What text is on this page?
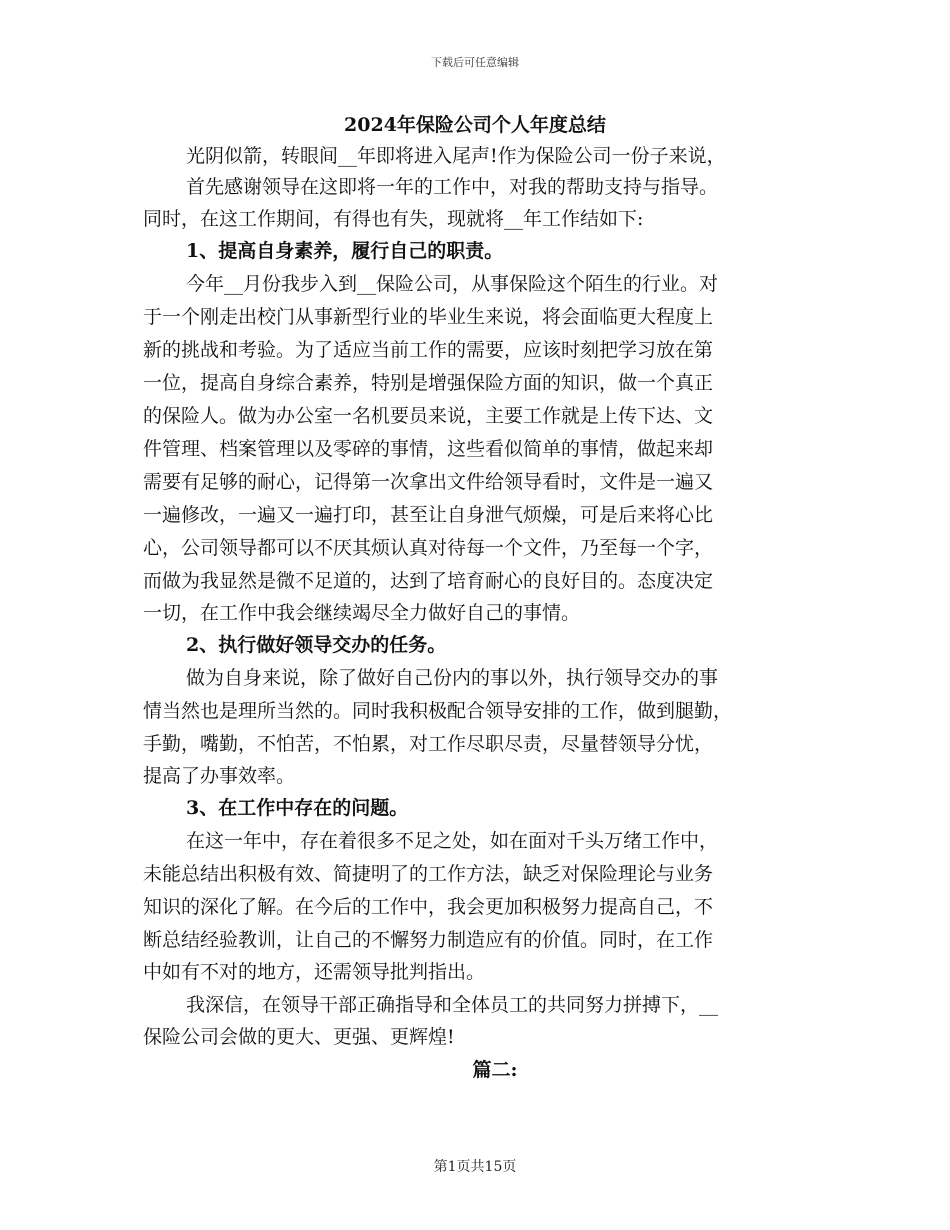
下载后可任意编辑
2024年保险公司个人年度总结
光阴似箭，转眼间__年即将进入尾声!作为保险公司一份子来说，
首先感谢领导在这即将一年的工作中，对我的帮助支持与指导。
同时，在这工作期间，有得也有失，现就将__年工作结如下:
1、提高自身素养，履行自己的职责。
今年__月份我步入到__保险公司，从事保险这个陌生的行业。对
于一个刚走出校门从事新型行业的毕业生来说，将会面临更大程度上
新的挑战和考验。为了适应当前工作的需要，应该时刻把学习放在第
一位，提高自身综合素养，特别是增强保险方面的知识，做一个真正
的保险人。做为办公室一名机要员来说，主要工作就是上传下达、文
件管理、档案管理以及零碎的事情，这些看似简单的事情，做起来却
需要有足够的耐心，记得第一次拿出文件给领导看时，文件是一遍又
一遍修改，一遍又一遍打印，甚至让自身泄气烦燥，可是后来将心比
心，公司领导都可以不厌其烦认真对待每一个文件，乃至每一个字，
而做为我显然是微不足道的，达到了培育耐心的良好目的。态度决定
一切，在工作中我会继续竭尽全力做好自己的事情。
2、执行做好领导交办的任务。
做为自身来说，除了做好自己份内的事以外，执行领导交办的事
情当然也是理所当然的。同时我积极配合领导安排的工作，做到腿勤，
手勤，嘴勤，不怕苦，不怕累，对工作尽职尽责，尽量替领导分忧，
提高了办事效率。
3、在工作中存在的问题。
在这一年中，存在着很多不足之处，如在面对千头万绪工作中，
未能总结出积极有效、简捷明了的工作方法，缺乏对保险理论与业务
知识的深化了解。在今后的工作中，我会更加积极努力提高自己，不
断总结经验教训，让自己的不懈努力制造应有的价值。同时，在工作
中如有不对的地方，还需领导批判指出。
我深信，在领导干部正确指导和全体员工的共同努力拼搏下，__
保险公司会做的更大、更强、更辉煌!
篇二:
第1页共15页
